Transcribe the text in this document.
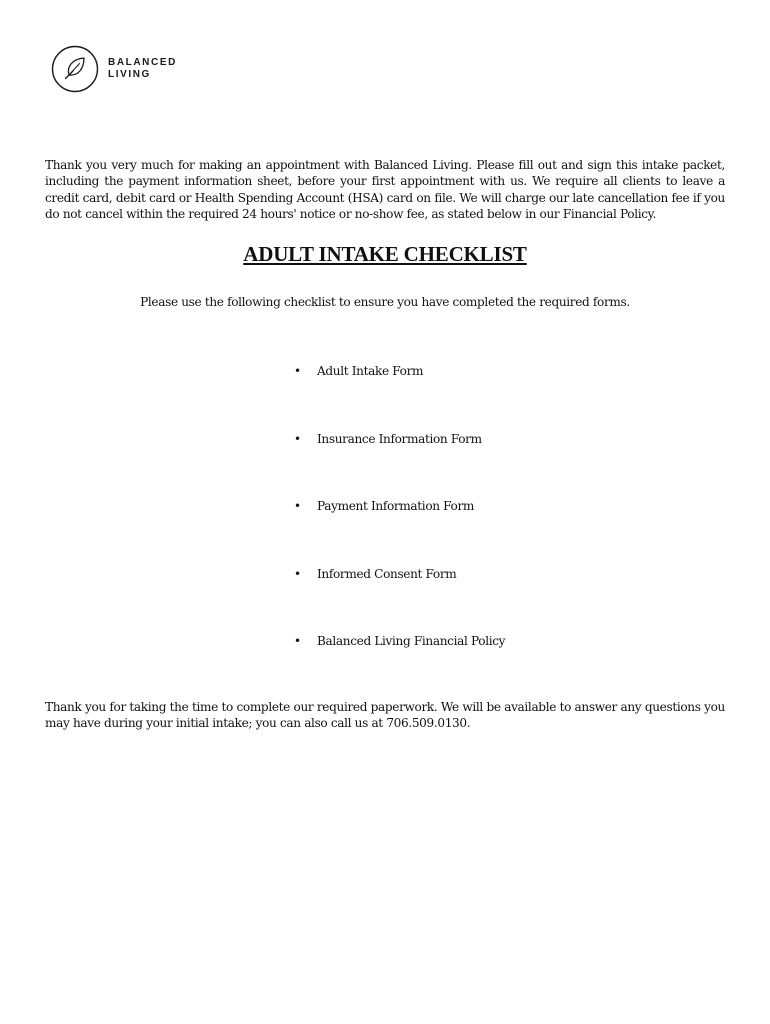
BALANCED
LIVING

Thank you very much for making an appointment with Balanced Living. Please fill out and sign this intake packet, including the payment information sheet, before your first appointment with us. We require all clients to leave a credit card, debit card or Health Spending Account (HSA) card on file. We will charge our late cancellation fee if you do not cancel within the required 24 hours' notice or no-show fee, as stated below in our Financial Policy.

ADULT INTAKE CHECKLIST

Please use the following checklist to ensure you have completed the required forms.

•	Adult Intake Form
•	Insurance Information Form
•	Payment Information Form
•	Informed Consent Form
•	Balanced Living Financial Policy

Thank you for taking the time to complete our required paperwork. We will be available to answer any questions you may have during your initial intake; you can also call us at 706.509.0130.
